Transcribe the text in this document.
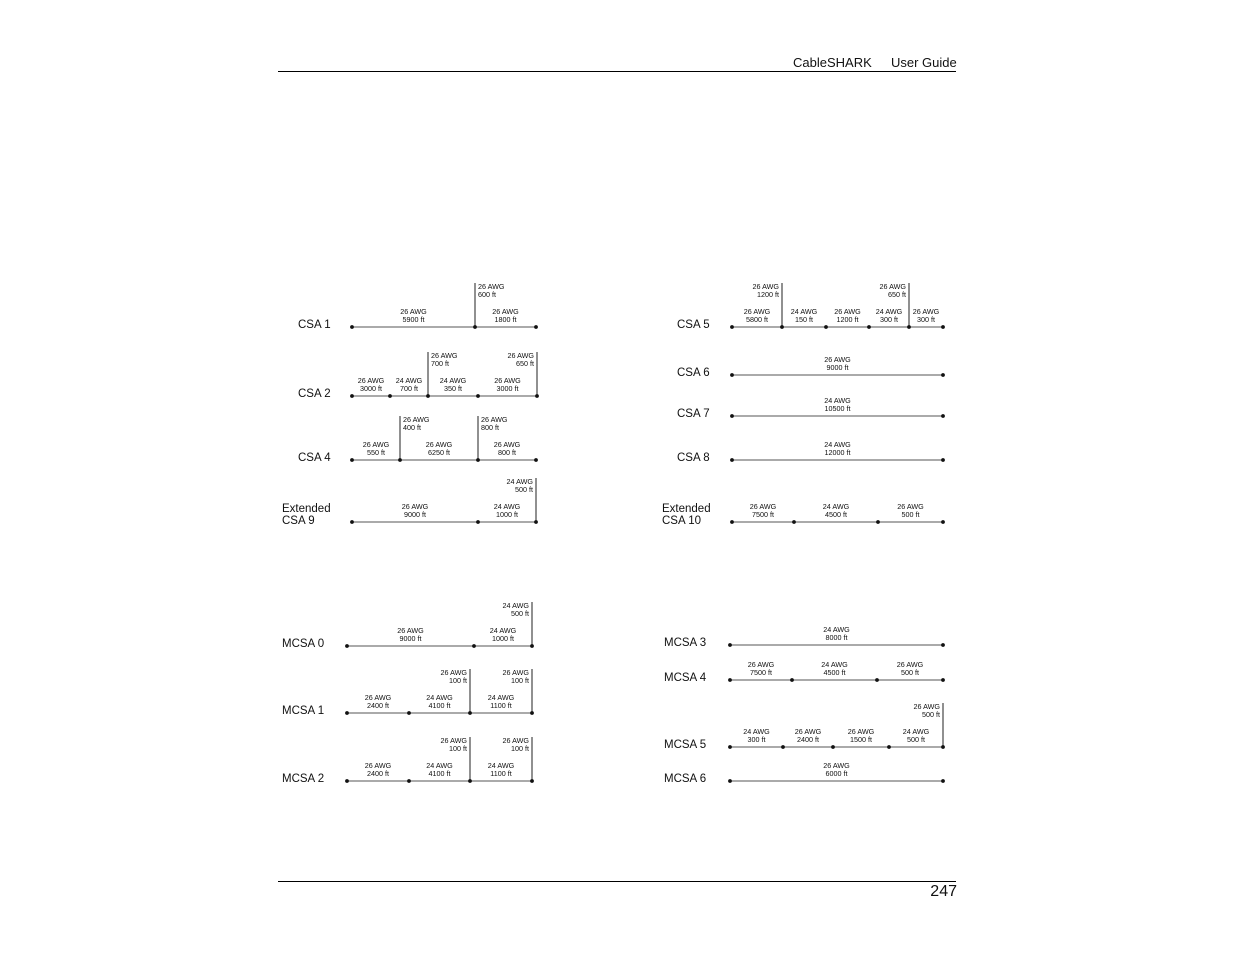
CableSHARK User Guide
CSA 1
26 AWG
5900 ft
26 AWG
1800 ft
26 AWG
600 ft
CSA 2
26 AWG
3000 ft
24 AWG
700 ft
24 AWG
350 ft
26 AWG
3000 ft
26 AWG
700 ft
26 AWG
650 ft
CSA 4
26 AWG
550 ft
26 AWG
6250 ft
26 AWG
800 ft
26 AWG
400 ft
26 AWG
800 ft
Extended
CSA 9
26 AWG
9000 ft
24 AWG
1000 ft
24 AWG
500 ft
CSA 5
26 AWG
5800 ft
24 AWG
150 ft
26 AWG
1200 ft
24 AWG
300 ft
26 AWG
300 ft
26 AWG
1200 ft
26 AWG
650 ft
CSA 6
26 AWG
9000 ft
CSA 7
24 AWG
10500 ft
CSA 8
24 AWG
12000 ft
Extended
CSA 10
26 AWG
7500 ft
24 AWG
4500 ft
26 AWG
500 ft
MCSA 0
26 AWG
9000 ft
24 AWG
1000 ft
24 AWG
500 ft
MCSA 1
26 AWG
2400 ft
24 AWG
4100 ft
24 AWG
1100 ft
26 AWG
100 ft
26 AWG
100 ft
MCSA 2
26 AWG
2400 ft
24 AWG
4100 ft
24 AWG
1100 ft
26 AWG
100 ft
26 AWG
100 ft
MCSA 3
24 AWG
8000 ft
MCSA 4
26 AWG
7500 ft
24 AWG
4500 ft
26 AWG
500 ft
MCSA 5
24 AWG
300 ft
26 AWG
2400 ft
26 AWG
1500 ft
24 AWG
500 ft
26 AWG
500 ft
MCSA 6
26 AWG
6000 ft
247
